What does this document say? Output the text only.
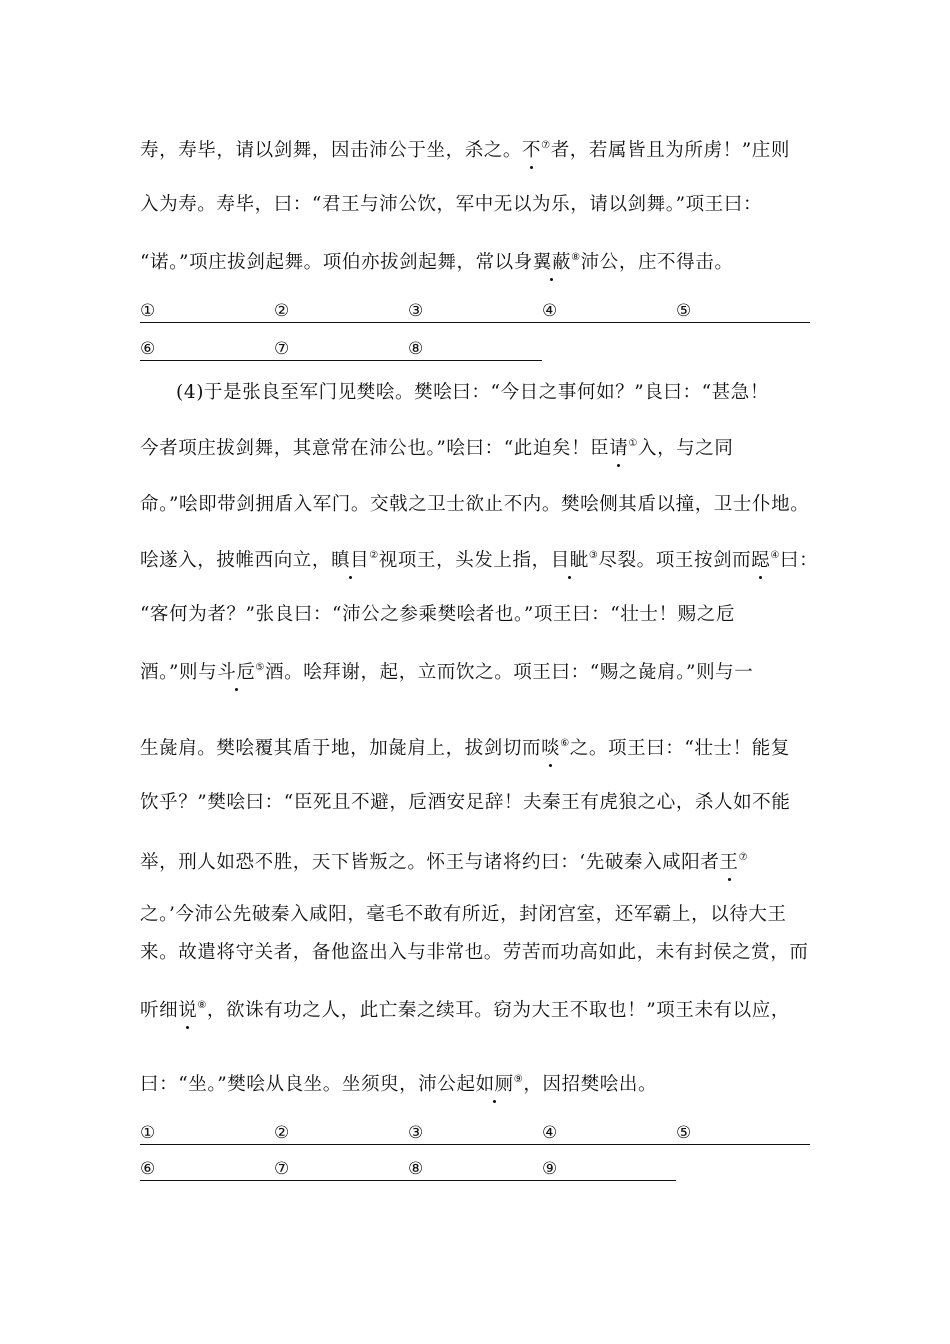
寿，寿毕，请以剑舞，因击沛公于坐，杀之。不⑦者，若属皆且为所虏！”庄则
入为寿。寿毕，曰：“君王与沛公饮，军中无以为乐，请以剑舞。”项王曰：
“诺。”项庄拔剑起舞。项伯亦拔剑起舞，常以身翼蔽⑧沛公，庄不得击。
①	②	③	④	⑤
⑥	⑦	⑧
(4)于是张良至军门见樊哙。樊哙曰：“今日之事何如？”良曰：“甚急！
今者项庄拔剑舞，其意常在沛公也。”哙曰：“此迫矣！臣请①入，与之同
命。”哙即带剑拥盾入军门。交戟之卫士欲止不内。樊哙侧其盾以撞，卫士仆地。
哙遂入，披帷西向立，瞋目②视项王，头发上指，目眦③尽裂。项王按剑而跽④曰：
“客何为者？”张良曰：“沛公之参乘樊哙者也。”项王曰：“壮士！赐之卮
酒。”则与斗卮⑤酒。哙拜谢，起，立而饮之。项王曰：“赐之彘肩。”则与一
生彘肩。樊哙覆其盾于地，加彘肩上，拔剑切而啖⑥之。项王曰：“壮士！能复
饮乎？”樊哙曰：“臣死且不避，卮酒安足辞！夫秦王有虎狼之心，杀人如不能
举，刑人如恐不胜，天下皆叛之。怀王与诸将约曰：‘先破秦入咸阳者王⑦
之。’今沛公先破秦入咸阳，毫毛不敢有所近，封闭宫室，还军霸上，以待大王
来。故遣将守关者，备他盗出入与非常也。劳苦而功高如此，未有封侯之赏，而
听细说⑧，欲诛有功之人，此亡秦之续耳。窃为大王不取也！”项王未有以应，
曰：“坐。”樊哙从良坐。坐须臾，沛公起如厕⑨，因招樊哙出。
①	②	③	④	⑤
⑥	⑦	⑧	⑨
